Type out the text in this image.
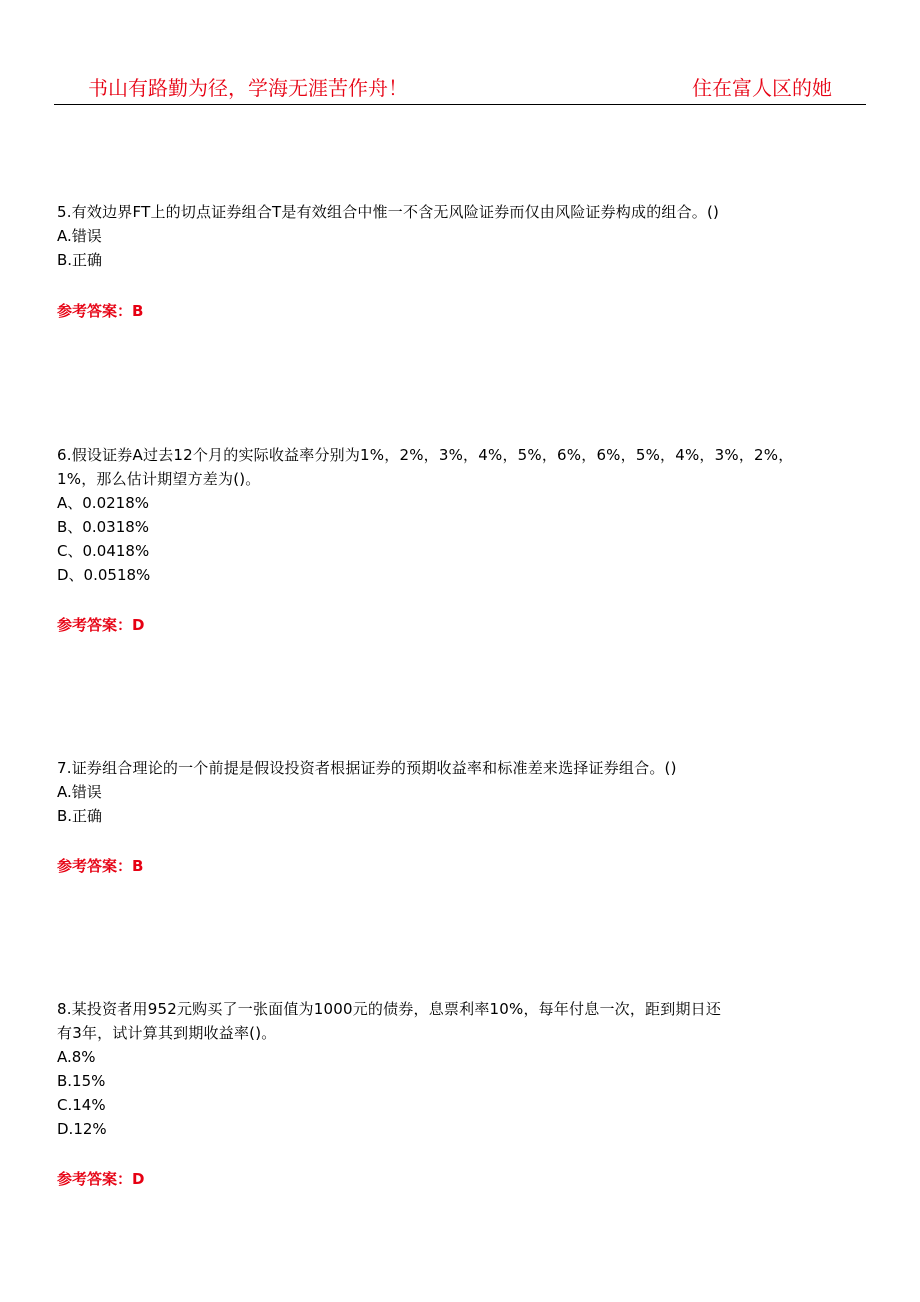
书山有路勤为径，学海无涯苦作舟！	住在富人区的她
5.有效边界FT上的切点证券组合T是有效组合中惟一不含无风险证券而仅由风险证券构成的组合。()
A.错误
B.正确
参考答案：B
6.假设证券A过去12个月的实际收益率分别为1%，2%，3%，4%，5%，6%，6%，5%，4%，3%，2%，
1%，那么估计期望方差为()。
A、0.0218%
B、0.0318%
C、0.0418%
D、0.0518%
参考答案：D
7.证券组合理论的一个前提是假设投资者根据证券的预期收益率和标准差来选择证券组合。()
A.错误
B.正确
参考答案：B
8.某投资者用952元购买了一张面值为1000元的债券，息票利率10%，每年付息一次，距到期日还
有3年，试计算其到期收益率()。
A.8%
B.15%
C.14%
D.12%
参考答案：D
